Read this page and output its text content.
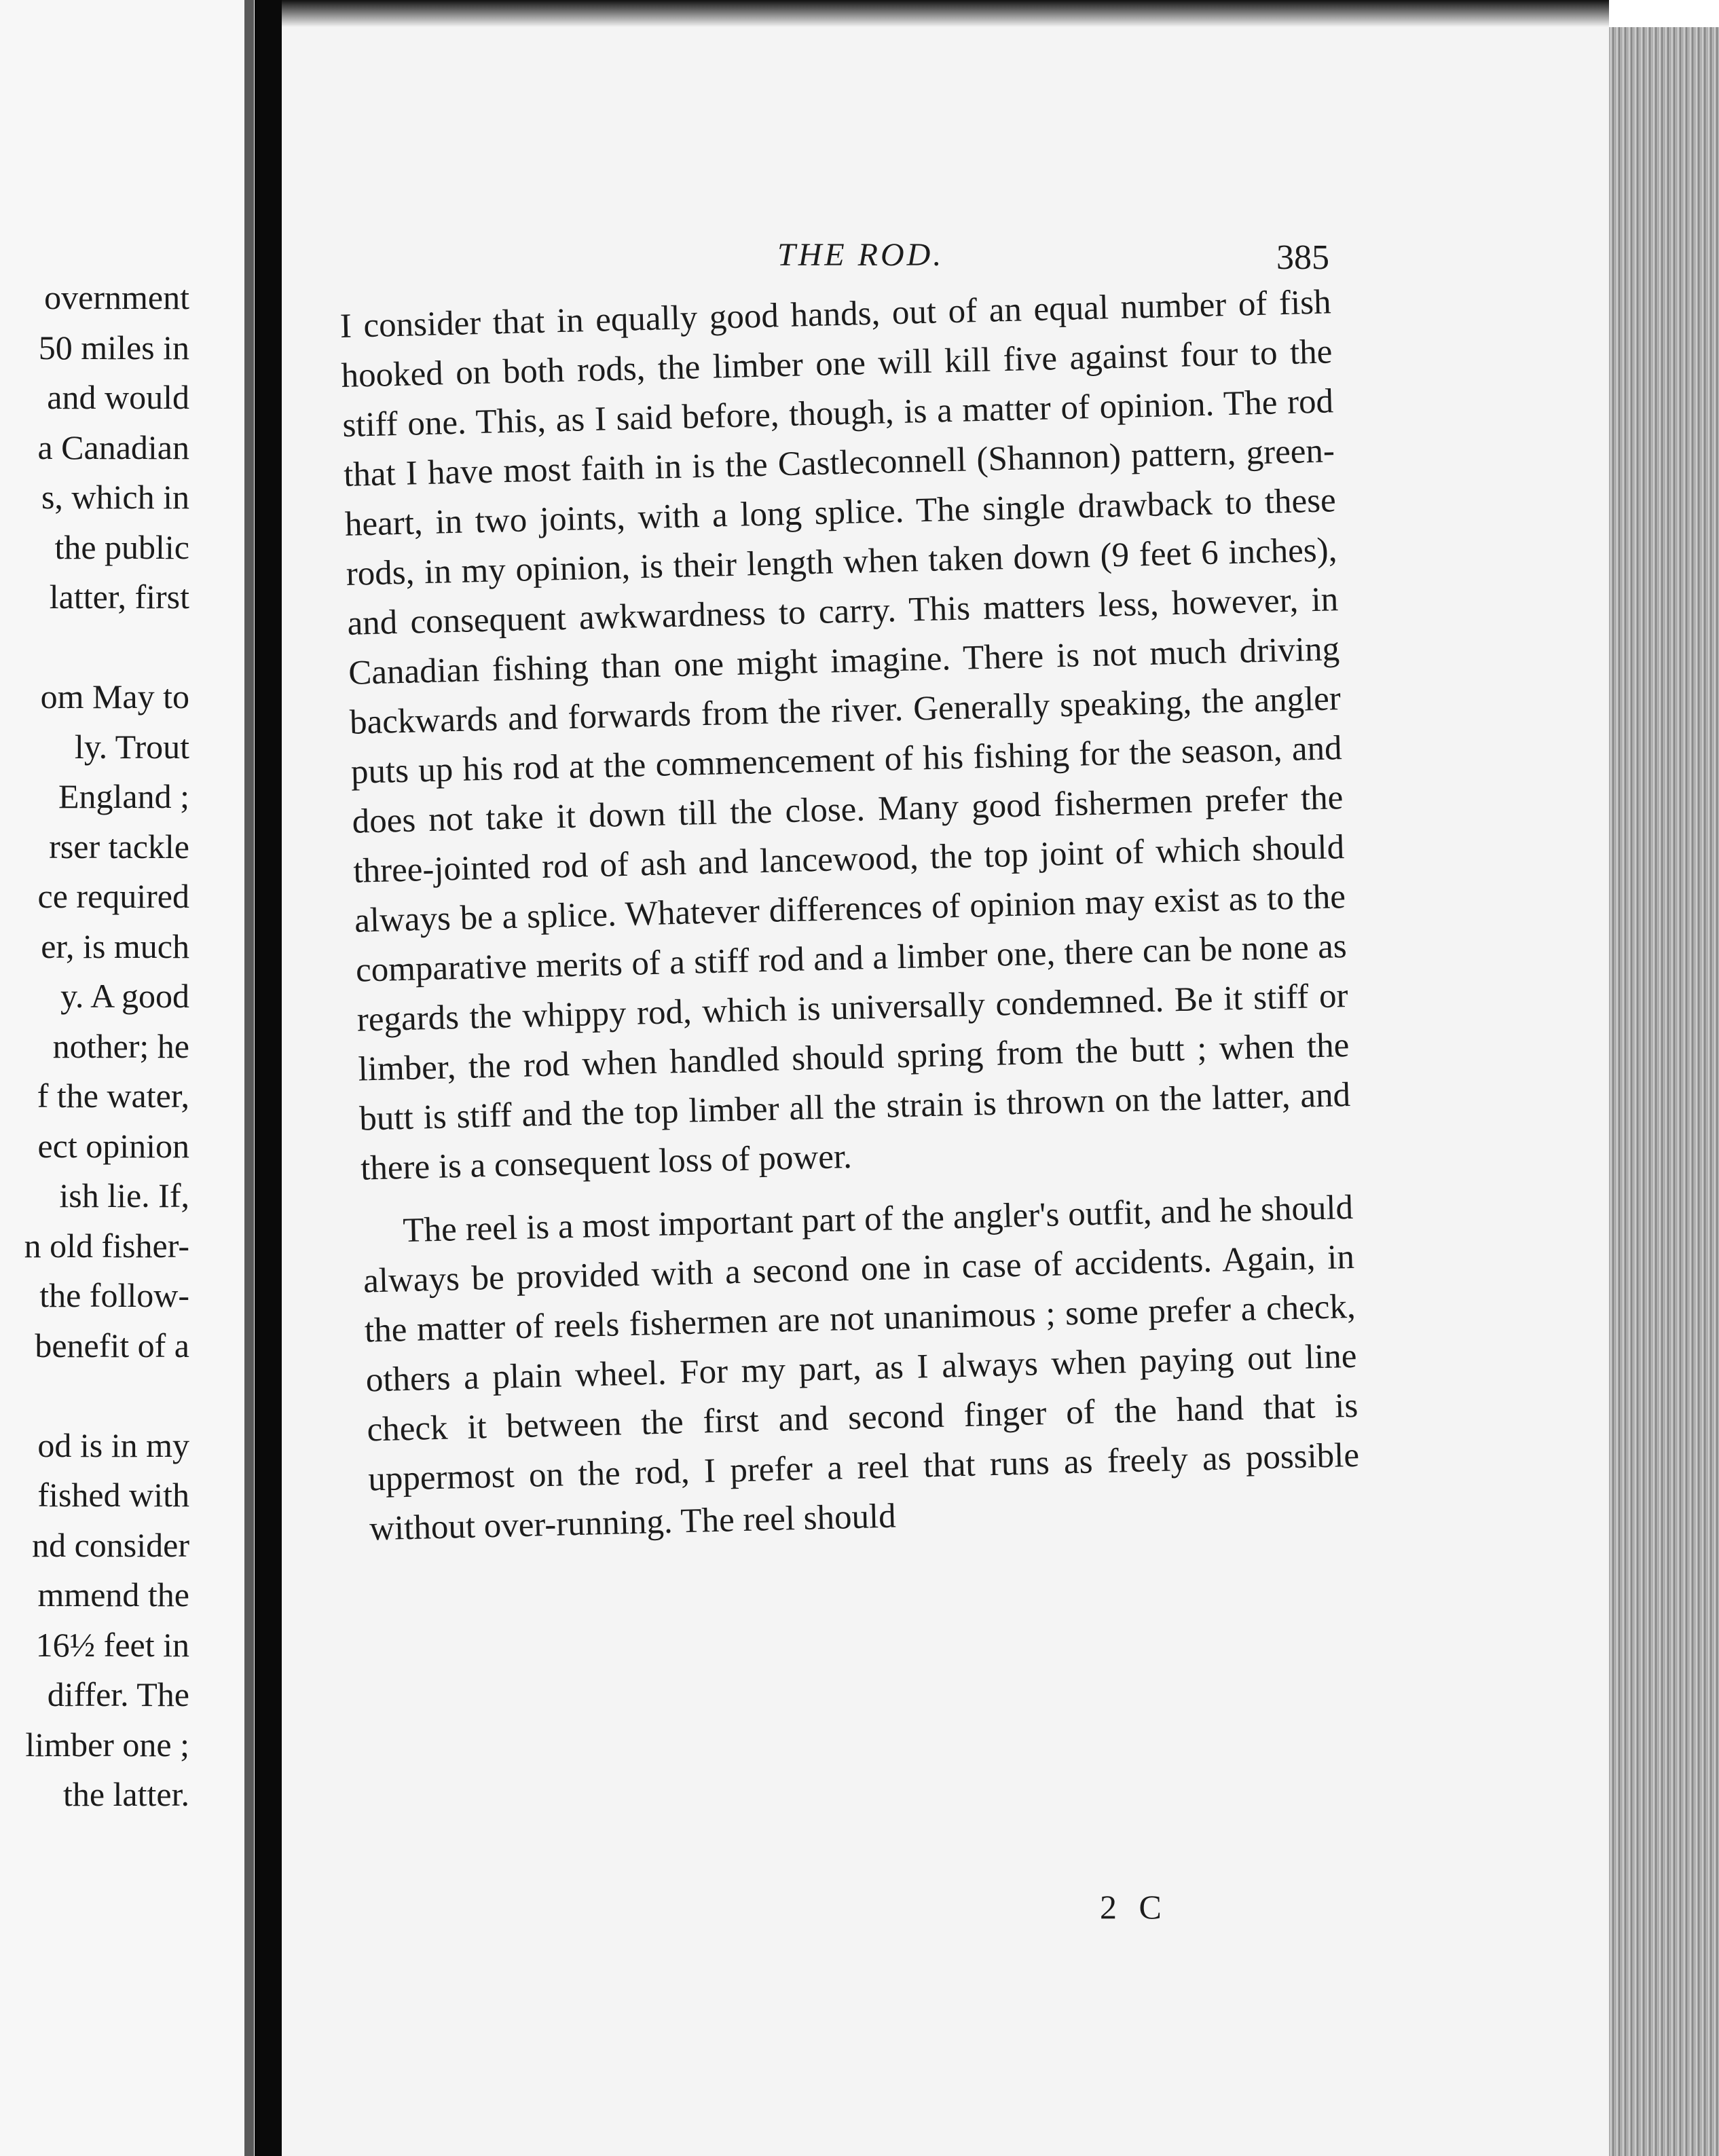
overnment
50 miles in
and would
a Canadian
s, which in
the public
latter, first
om May to
ly. Trout
England ;
rser tackle
ce required
er, is much
y. A good
nother; he
f the water,
ect opinion
ish lie. If,
n old fisher-
the follow-
benefit of a
od is in my
fished with
nd consider
mmend the
16½ feet in
differ. The
limber one ;
the latter.
THE ROD.	385

I consider that in equally good hands, out of an equal number of fish hooked on both rods, the limber one will kill five against four to the stiff one. This, as I said before, though, is a matter of opinion. The rod that I have most faith in is the Castleconnell (Shannon) pattern, green-heart, in two joints, with a long splice. The single drawback to these rods, in my opinion, is their length when taken down (9 feet 6 inches), and consequent awkwardness to carry. This matters less, however, in Canadian fishing than one might imagine. There is not much driving backwards and forwards from the river. Generally speaking, the angler puts up his rod at the commencement of his fishing for the season, and does not take it down till the close. Many good fishermen prefer the three-jointed rod of ash and lancewood, the top joint of which should always be a splice. Whatever differences of opinion may exist as to the comparative merits of a stiff rod and a limber one, there can be none as regards the whippy rod, which is universally condemned. Be it stiff or limber, the rod when handled should spring from the butt ; when the butt is stiff and the top limber all the strain is thrown on the latter, and there is a consequent loss of power.

The reel is a most important part of the angler's outfit, and he should always be provided with a second one in case of accidents. Again, in the matter of reels fishermen are not unanimous ; some prefer a check, others a plain wheel. For my part, as I always when paying out line check it between the first and second finger of the hand that is uppermost on the rod, I prefer a reel that runs as freely as possible without over-running. The reel should

2 C
